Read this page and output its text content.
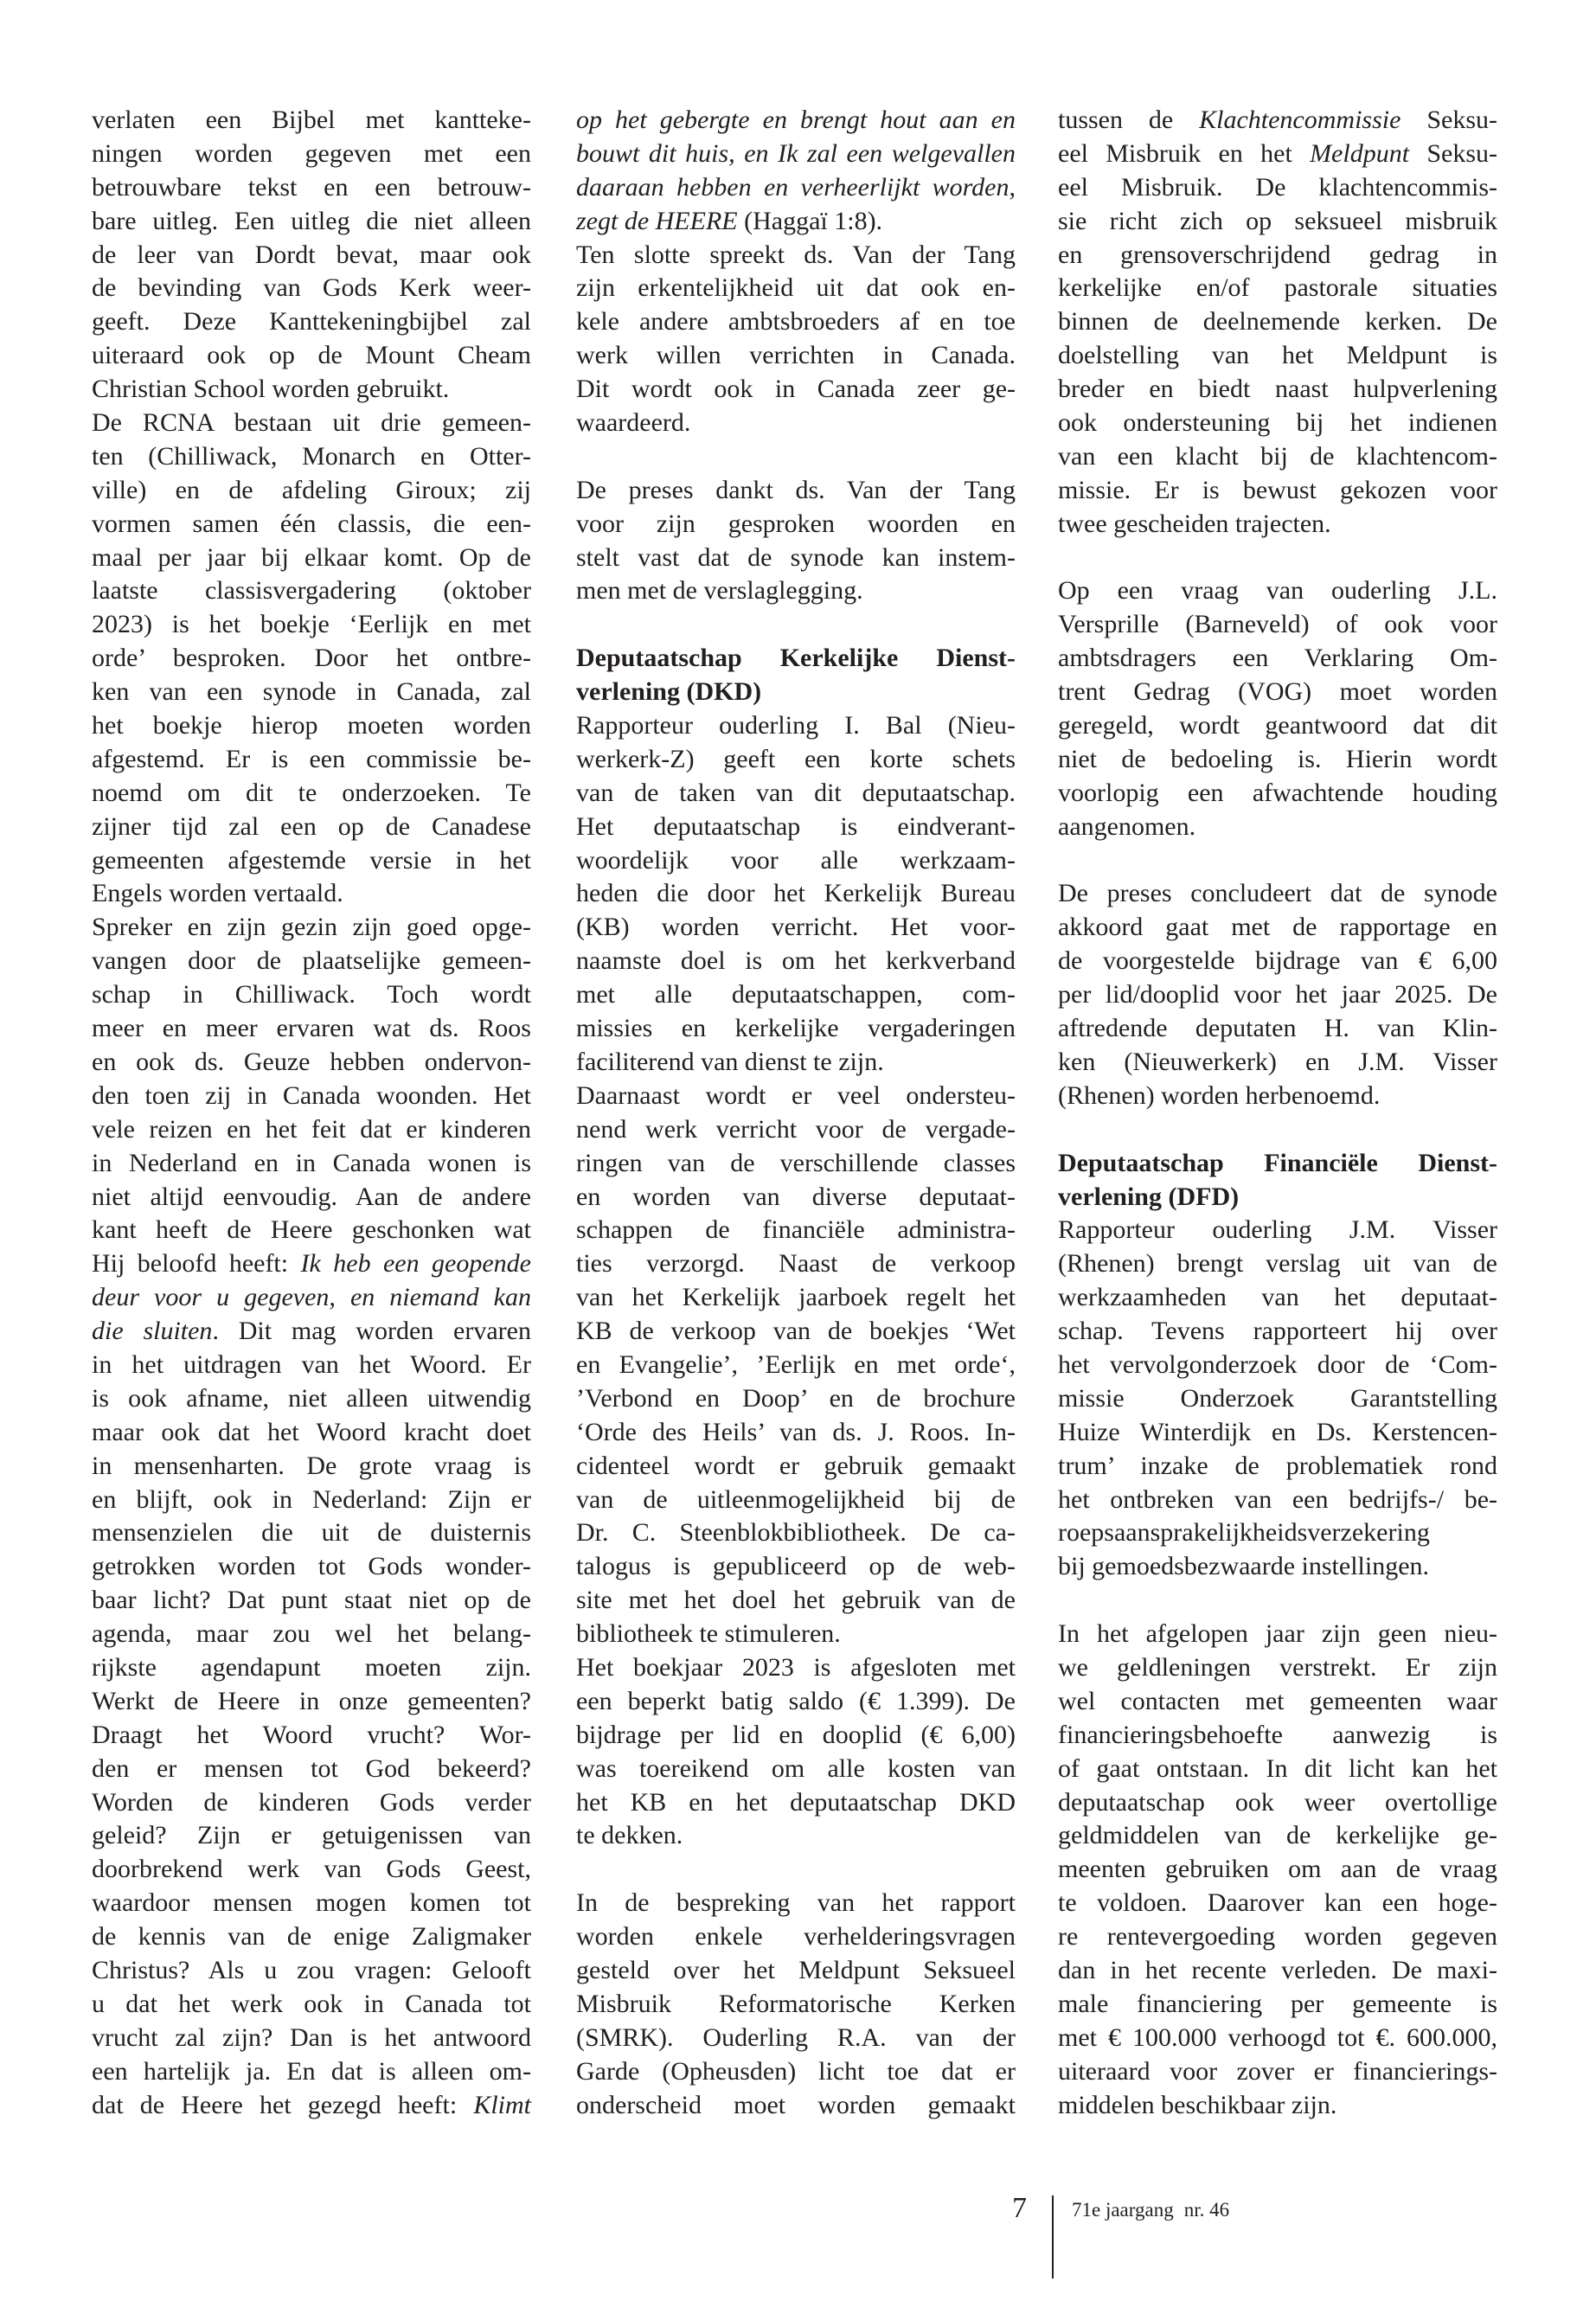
verlaten een Bijbel met kantteke-
ningen worden gegeven met een
betrouwbare tekst en een betrouw-
bare uitleg. Een uitleg die niet alleen
de leer van Dordt bevat, maar ook
de bevinding van Gods Kerk weer-
geeft. Deze Kanttekeningbijbel zal
uiteraard ook op de Mount Cheam
Christian School worden gebruikt.
De RCNA bestaan uit drie gemeen-
ten (Chilliwack, Monarch en Otter-
ville) en de afdeling Giroux; zij
vormen samen één classis, die een-
maal per jaar bij elkaar komt. Op de
laatste classisvergadering (oktober
2023) is het boekje ‘Eerlijk en met
orde’ besproken. Door het ontbre-
ken van een synode in Canada, zal
het boekje hierop moeten worden
afgestemd. Er is een commissie be-
noemd om dit te onderzoeken. Te
zijner tijd zal een op de Canadese
gemeenten afgestemde versie in het
Engels worden vertaald.
Spreker en zijn gezin zijn goed opge-
vangen door de plaatselijke gemeen-
schap in Chilliwack. Toch wordt
meer en meer ervaren wat ds. Roos
en ook ds. Geuze hebben ondervon-
den toen zij in Canada woonden. Het
vele reizen en het feit dat er kinderen
in Nederland en in Canada wonen is
niet altijd eenvoudig. Aan de andere
kant heeft de Heere geschonken wat
Hij beloofd heeft: Ik heb een geopende
deur voor u gegeven, en niemand kan
die sluiten. Dit mag worden ervaren
in het uitdragen van het Woord. Er
is ook afname, niet alleen uitwendig
maar ook dat het Woord kracht doet
in mensenharten. De grote vraag is
en blijft, ook in Nederland: Zijn er
mensenzielen die uit de duisternis
getrokken worden tot Gods wonder-
baar licht? Dat punt staat niet op de
agenda, maar zou wel het belang-
rijkste agendapunt moeten zijn.
Werkt de Heere in onze gemeenten?
Draagt het Woord vrucht? Wor-
den er mensen tot God bekeerd?
Worden de kinderen Gods verder
geleid? Zijn er getuigenissen van
doorbrekend werk van Gods Geest,
waardoor mensen mogen komen tot
de kennis van de enige Zaligmaker
Christus? Als u zou vragen: Gelooft
u dat het werk ook in Canada tot
vrucht zal zijn? Dan is het antwoord
een hartelijk ja. En dat is alleen om-
dat de Heere het gezegd heeft: Klimt
op het gebergte en brengt hout aan en
bouwt dit huis, en Ik zal een welgevallen
daaraan hebben en verheerlijkt worden,
zegt de HEERE (Haggaï 1:8).
Ten slotte spreekt ds. Van der Tang
zijn erkentelijkheid uit dat ook en-
kele andere ambtsbroeders af en toe
werk willen verrichten in Canada.
Dit wordt ook in Canada zeer ge-
waardeerd.
De preses dankt ds. Van der Tang
voor zijn gesproken woorden en
stelt vast dat de synode kan instem-
men met de verslaglegging.
Deputaatschap Kerkelijke Dienst-
verlening (DKD)
Rapporteur ouderling I. Bal (Nieu-
werkerk-Z) geeft een korte schets
van de taken van dit deputaatschap.
Het deputaatschap is eindverant-
woordelijk voor alle werkzaam-
heden die door het Kerkelijk Bureau
(KB) worden verricht. Het voor-
naamste doel is om het kerkverband
met alle deputaatschappen, com-
missies en kerkelijke vergaderingen
faciliterend van dienst te zijn.
Daarnaast wordt er veel ondersteu-
nend werk verricht voor de vergade-
ringen van de verschillende classes
en worden van diverse deputaat-
schappen de financiële administra-
ties verzorgd. Naast de verkoop
van het Kerkelijk jaarboek regelt het
KB de verkoop van de boekjes ‘Wet
en Evangelie’, ’Eerlijk en met orde‘,
’Verbond en Doop’ en de brochure
‘Orde des Heils’ van ds. J. Roos. In-
cidenteel wordt er gebruik gemaakt
van de uitleenmogelijkheid bij de
Dr. C. Steenblokbibliotheek. De ca-
talogus is gepubliceerd op de web-
site met het doel het gebruik van de
bibliotheek te stimuleren.
Het boekjaar 2023 is afgesloten met
een beperkt batig saldo (€ 1.399). De
bijdrage per lid en dooplid (€ 6,00)
was toereikend om alle kosten van
het KB en het deputaatschap DKD
te dekken.
In de bespreking van het rapport
worden enkele verhelderingsvragen
gesteld over het Meldpunt Seksueel
Misbruik Reformatorische Kerken
(SMRK). Ouderling R.A. van der
Garde (Opheusden) licht toe dat er
onderscheid moet worden gemaakt
tussen de Klachtencommissie Seksu-
eel Misbruik en het Meldpunt Seksu-
eel Misbruik. De klachtencommis-
sie richt zich op seksueel misbruik
en grensoverschrijdend gedrag in
kerkelijke en/of pastorale situaties
binnen de deelnemende kerken. De
doelstelling van het Meldpunt is
breder en biedt naast hulpverlening
ook ondersteuning bij het indienen
van een klacht bij de klachtencom-
missie. Er is bewust gekozen voor
twee gescheiden trajecten.
Op een vraag van ouderling J.L.
Versprille (Barneveld) of ook voor
ambtsdragers een Verklaring Om-
trent Gedrag (VOG) moet worden
geregeld, wordt geantwoord dat dit
niet de bedoeling is. Hierin wordt
voorlopig een afwachtende houding
aangenomen.
De preses concludeert dat de synode
akkoord gaat met de rapportage en
de voorgestelde bijdrage van € 6,00
per lid/dooplid voor het jaar 2025. De
aftredende deputaten H. van Klin-
ken (Nieuwerkerk) en J.M. Visser
(Rhenen) worden herbenoemd.
Deputaatschap Financiële Dienst-
verlening (DFD)
Rapporteur ouderling J.M. Visser
(Rhenen) brengt verslag uit van de
werkzaamheden van het deputaat-
schap. Tevens rapporteert hij over
het vervolgonderzoek door de ‘Com-
missie Onderzoek Garantstelling
Huize Winterdijk en Ds. Kerstencen-
trum’ inzake de problematiek rond
het ontbreken van een bedrijfs-/ be-
roepsaansprakelijkheidsverzekering
bij gemoedsbezwaarde instellingen.
In het afgelopen jaar zijn geen nieu-
we geldleningen verstrekt. Er zijn
wel contacten met gemeenten waar
financieringsbehoefte aanwezig is
of gaat ontstaan. In dit licht kan het
deputaatschap ook weer overtollige
geldmiddelen van de kerkelijke ge-
meenten gebruiken om aan de vraag
te voldoen. Daarover kan een hoge-
re rentevergoeding worden gegeven
dan in het recente verleden. De maxi-
male financiering per gemeente is
met € 100.000 verhoogd tot €. 600.000,
uiteraard voor zover er financierings-
middelen beschikbaar zijn.
7 71e jaargang nr. 46
